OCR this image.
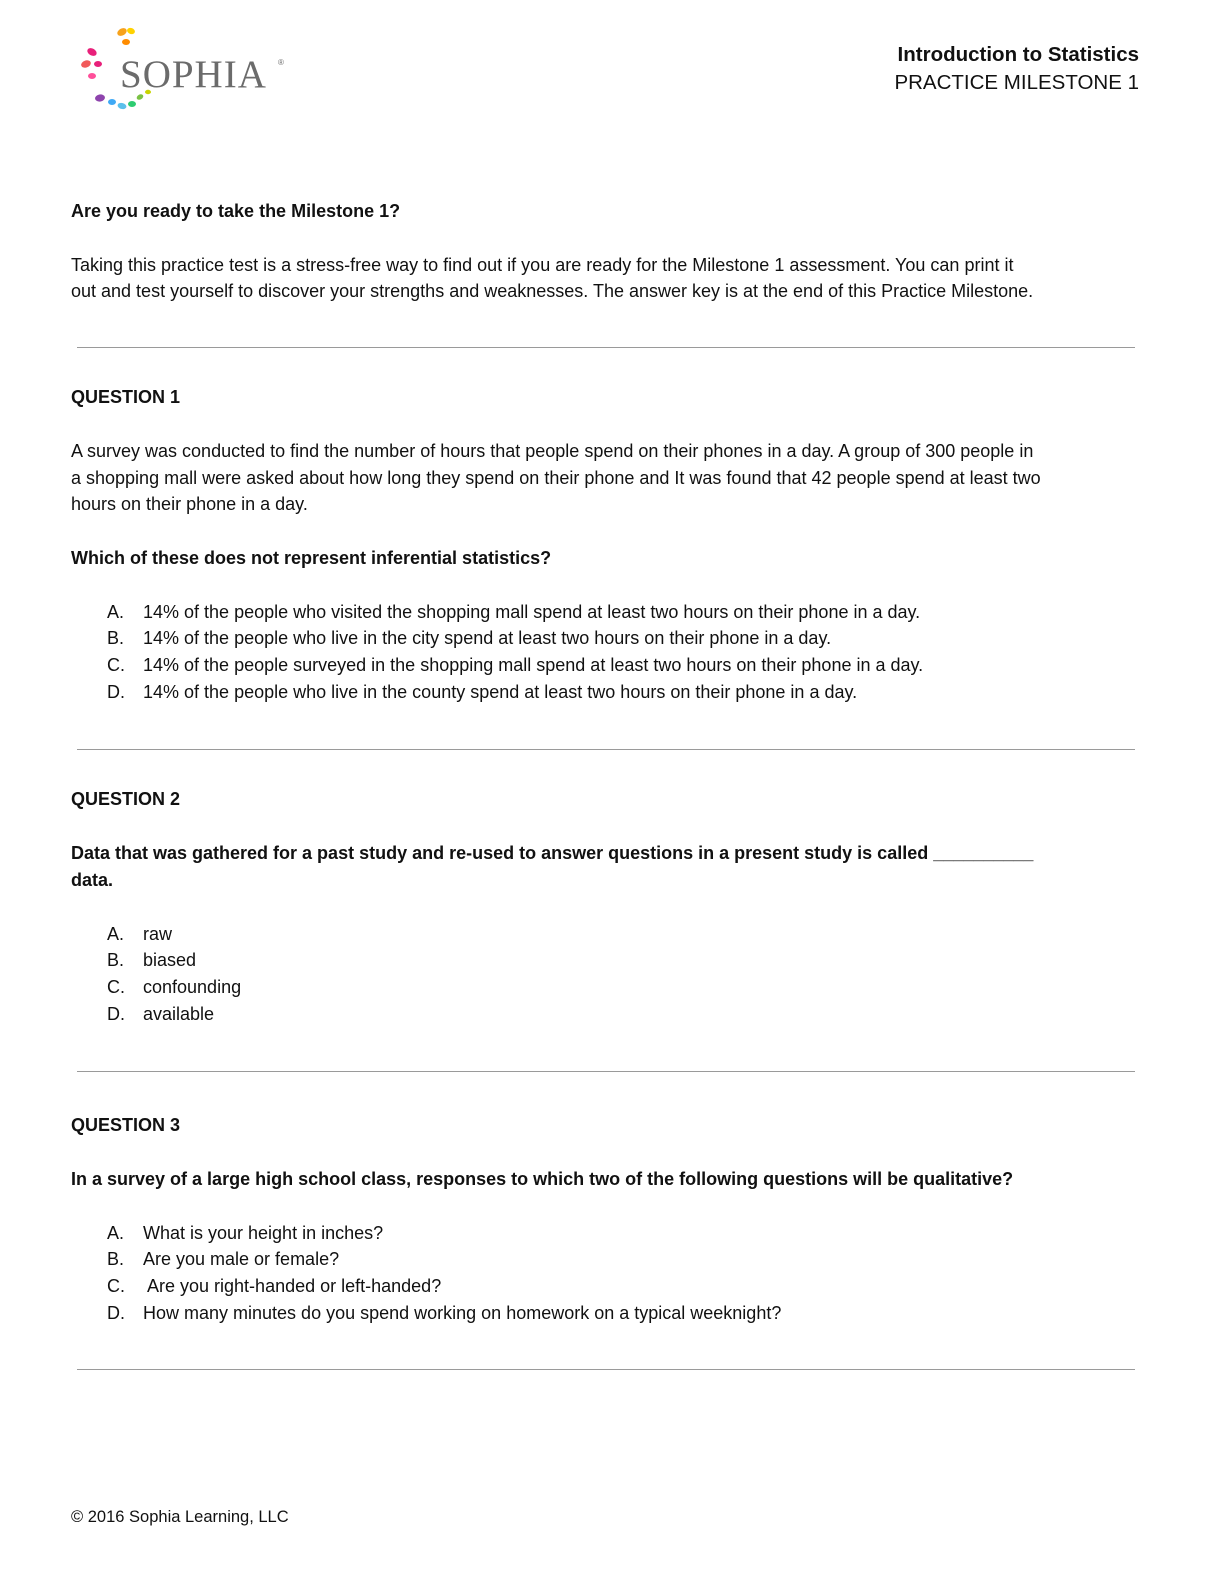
SOPHIA ®	Introduction to Statistics
PRACTICE MILESTONE 1

Are you ready to take the Milestone 1?

Taking this practice test is a stress-free way to find out if you are ready for the Milestone 1 assessment. You can print it

out and test yourself to discover your strengths and weaknesses. The answer key is at the end of this Practice Milestone.

QUESTION 1

A survey was conducted to find the number of hours that people spend on their phones in a day. A group of 300 people in

a shopping mall were asked about how long they spend on their phone and It was found that 42 people spend at least two

hours on their phone in a day.

Which of these does not represent inferential statistics?

A.	14% of the people who visited the shopping mall spend at least two hours on their phone in a day.
B.	14% of the people who live in the city spend at least two hours on their phone in a day.
C.	14% of the people surveyed in the shopping mall spend at least two hours on their phone in a day.
D.	14% of the people who live in the county spend at least two hours on their phone in a day.

QUESTION 2

Data that was gathered for a past study and re-used to answer questions in a present study is called __________

data.

A.	raw
B.	biased
C.	confounding
D.	available

QUESTION 3

In a survey of a large high school class, responses to which two of the following questions will be qualitative?

A.	What is your height in inches?
B.	Are you male or female?
C.	Are you right-handed or left-handed?
D.	How many minutes do you spend working on homework on a typical weeknight?
© 2016 Sophia Learning, LLC
